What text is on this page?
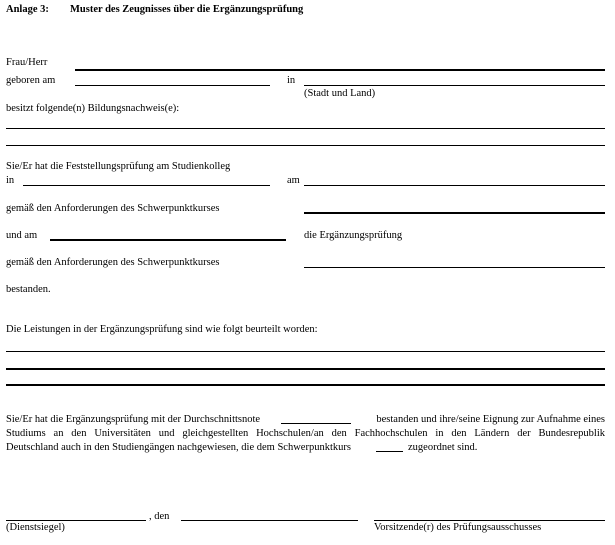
Anlage 3: Muster des Zeugnisses über die Ergänzungsprüfung
Frau/Herr
geboren am	in
(Stadt und Land)
besitzt folgende(n) Bildungsnachweis(e):
Sie/Er hat die Feststellungsprüfung am Studienkolleg
in	am
gemäß den Anforderungen des Schwerpunktkurses
und am	die Ergänzungsprüfung
gemäß den Anforderungen des Schwerpunktkurses
bestanden.
Die Leistungen in der Ergänzungsprüfung sind wie folgt beurteilt worden:
Sie/Er hat die Ergänzungsprüfung mit der Durchschnittsnote	bestanden und ihre/seine Eignung zur Aufnahme eines
Studiums an den Universitäten und gleichgestellten Hochschulen/an den Fachhochschulen in den Ländern der Bundesrepublik
Deutschland auch in den Studiengängen nachgewiesen, die dem Schwerpunktkurs	zugeordnet sind.
, den
(Dienstsiegel)	Vorsitzende(r) des Prüfungsausschusses
